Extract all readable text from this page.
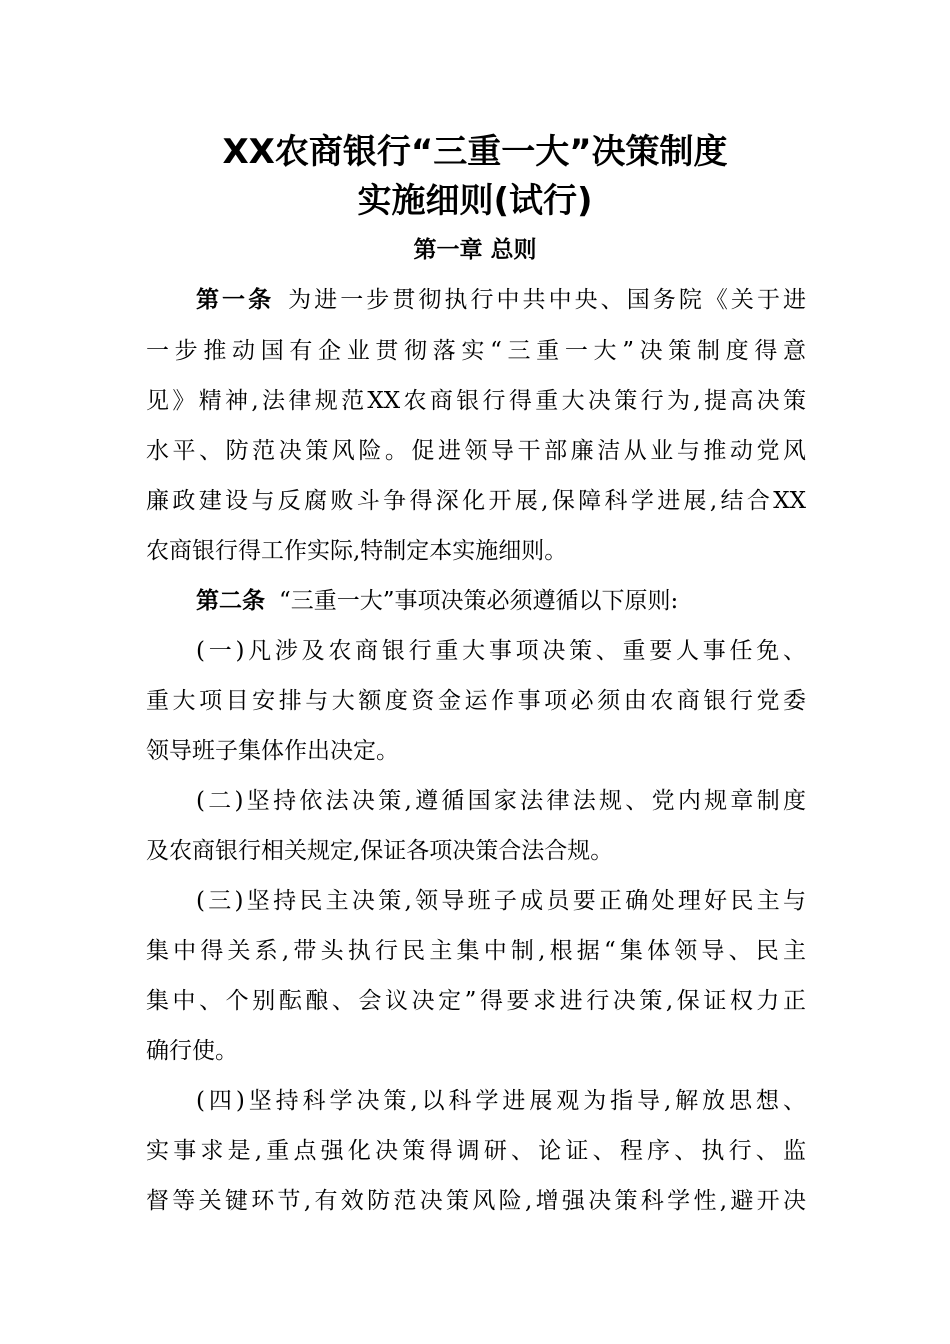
XX农商银行“三重一大”决策制度
实施细则(试行)
第一章 总则
第一条 为进一步贯彻执行中共中央、国务院《关于进
一步推动国有企业贯彻落实“三重一大”决策制度得意
见》精神,法律规范XX农商银行得重大决策行为,提高决策
水平、防范决策风险。促进领导干部廉洁从业与推动党风
廉政建设与反腐败斗争得深化开展,保障科学进展,结合XX
农商银行得工作实际,特制定本实施细则。
第二条 “三重一大”事项决策必须遵循以下原则:
(一)凡涉及农商银行重大事项决策、重要人事任免、
重大项目安排与大额度资金运作事项必须由农商银行党委
领导班子集体作出决定。
(二)坚持依法决策,遵循国家法律法规、党内规章制度
及农商银行相关规定,保证各项决策合法合规。
(三)坚持民主决策,领导班子成员要正确处理好民主与
集中得关系,带头执行民主集中制,根据“集体领导、民主
集中、个别酝酿、会议决定”得要求进行决策,保证权力正
确行使。
(四)坚持科学决策,以科学进展观为指导,解放思想、
实事求是,重点强化决策得调研、论证、程序、执行、监
督等关键环节,有效防范决策风险,增强决策科学性,避开决
